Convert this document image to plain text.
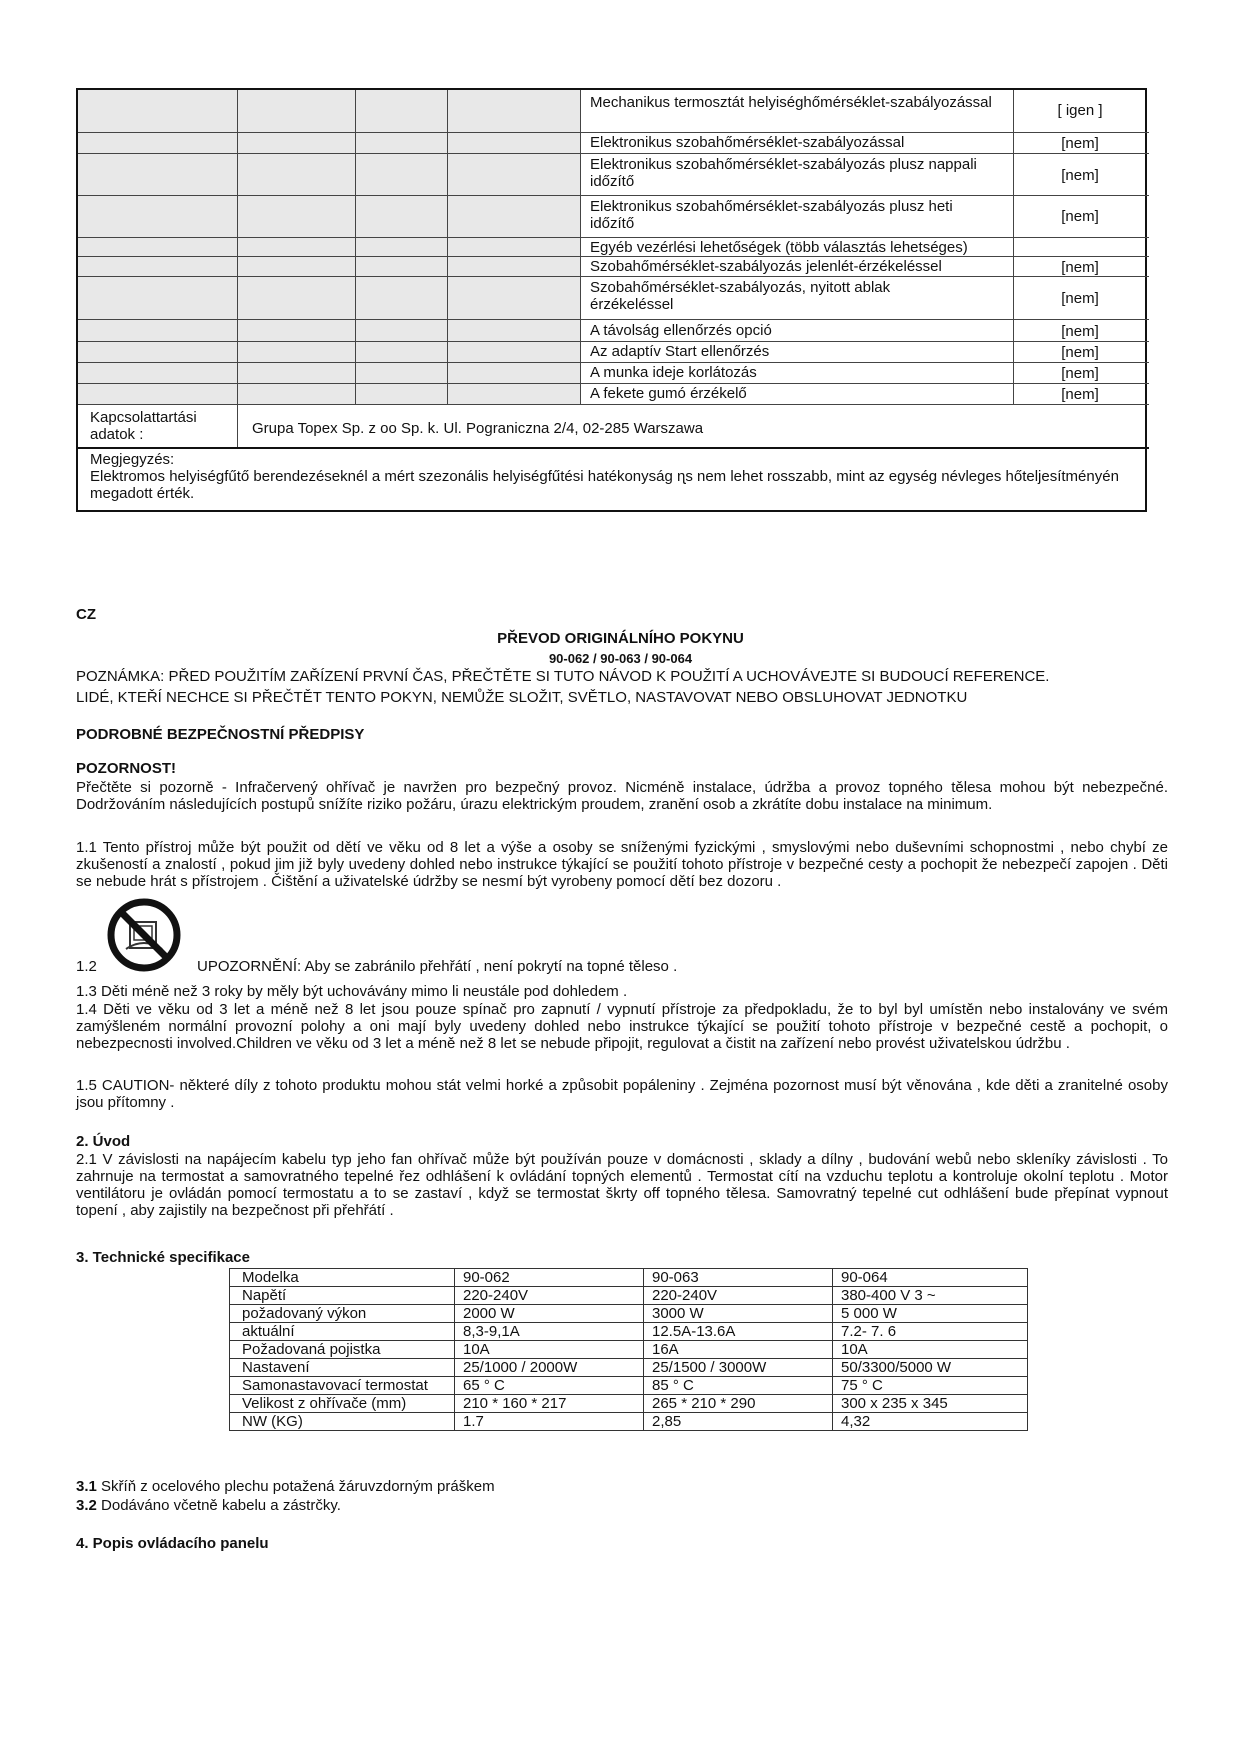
Mechanikus termosztát helyiséghőmérséklet-szabályozással	[ igen ]
Elektronikus szobahőmérséklet-szabályozással	[nem]
Elektronikus szobahőmérséklet-szabályozás plusz nappali időzítő	[nem]
Elektronikus szobahőmérséklet-szabályozás plusz heti időzítő	[nem]
Egyéb vezérlési lehetőségek (több választás lehetséges)
Szobahőmérséklet-szabályozás jelenlét-érzékeléssel	[nem]
Szobahőmérséklet-szabályozás, nyitott ablak érzékeléssel	[nem]
A távolság ellenőrzés opció	[nem]
Az adaptív Start ellenőrzés	[nem]
A munka ideje korlátozás	[nem]
A fekete gumó érzékelő	[nem]
Kapcsolattartási adatok :	Grupa Topex Sp. z oo Sp. k. Ul. Pograniczna 2/4, 02-285 Warszawa
Megjegyzés:
Elektromos helyiségfűtő berendezéseknél a mért szezonális helyiségfűtési hatékonyság ɳs nem lehet rosszabb, mint az egység névleges hőteljesítményén megadott érték.
CZ
PŘEVOD ORIGINÁLNÍHO POKYNU
90-062 / 90-063 / 90-064
POZNÁMKA: PŘED POUŽITÍM ZAŘÍZENÍ PRVNÍ ČAS, PŘEČTĚTE SI TUTO NÁVOD K POUŽITÍ A UCHOVÁVEJTE SI BUDOUCÍ REFERENCE.
LIDÉ, KTEŘÍ NECHCE SI PŘEČTĚT TENTO POKYN, NEMŮŽE SLOŽIT, SVĚTLO, NASTAVOVAT NEBO OBSLUHOVAT JEDNOTKU
PODROBNÉ BEZPEČNOSTNÍ PŘEDPISY
POZORNOST!
Přečtěte si pozorně - Infračervený ohřívač je navržen pro bezpečný provoz. Nicméně instalace, údržba a provoz topného tělesa mohou být nebezpečné. Dodržováním následujících postupů snížíte riziko požáru, úrazu elektrickým proudem, zranění osob a zkrátíte dobu instalace na minimum.
1.1 Tento přístroj může být použit od dětí ve věku od 8 let a výše a osoby se sníženými fyzickými , smyslovými nebo duševními schopnostmi , nebo chybí ze zkušeností a znalostí , pokud jim již byly uvedeny dohled nebo instrukce týkající se použití tohoto přístroje v bezpečné cesty a pochopit že nebezpečí zapojen . Děti se nebude hrát s přístrojem . Čištění a uživatelské údržby se nesmí být vyrobeny pomocí dětí bez dozoru .
1.2	UPOZORNĚNÍ: Aby se zabránilo přehřátí , není pokrytí na topné těleso .
1.3 Děti méně než 3 roky by měly být uchovávány mimo li neustále pod dohledem .
1.4 Děti ve věku od 3 let a méně než 8 let jsou pouze spínač pro zapnutí / vypnutí přístroje za předpokladu, že to byl byl umístěn nebo instalovány ve svém zamýšleném normální provozní polohy a oni mají byly uvedeny dohled nebo instrukce týkající se použití tohoto přístroje v bezpečné cestě a pochopit, o nebezpecnosti involved.Children ve věku od 3 let a méně než 8 let se nebude připojit, regulovat a čistit na zařízení nebo provést uživatelskou údržbu .
1.5 CAUTION- některé díly z tohoto produktu mohou stát velmi horké a způsobit popáleniny . Zejména pozornost musí být věnována , kde děti a zranitelné osoby jsou přítomny .
2. Úvod
2.1 V závislosti na napájecím kabelu typ jeho fan ohřívač může být používán pouze v domácnosti , sklady a dílny , budování webů nebo skleníky závislosti . To zahrnuje na termostat a samovratného tepelné řez odhlášení k ovládání topných elementů . Termostat cítí na vzduchu teplotu a kontroluje okolní teplotu . Motor ventilátoru je ovládán pomocí termostatu a to se zastaví , když se termostat škrty off topného tělesa. Samovratný tepelné cut odhlášení bude přepínat vypnout topení , aby zajistily na bezpečnost při přehřátí .
3. Technické specifikace
Modelka	90-062	90-063	90-064
Napětí	220-240V	220-240V	380-400 V 3 ~
požadovaný výkon	2000 W	3000 W	5 000 W
aktuální	8,3-9,1A	12.5A-13.6A	7.2- 7. 6
Požadovaná pojistka	10A	16A	10A
Nastavení	25/1000 / 2000W	25/1500 / 3000W	50/3300/5000 W
Samonastavovací termostat	65 ° C	85 ° C	75 ° C
Velikost z ohřívače (mm)	210 * 160 * 217	265 * 210 * 290	300 x 235 x 345
NW (KG)	1.7	2,85	4,32
3.1 Skříň z ocelového plechu potažená žáruvzdorným práškem
3.2 Dodáváno včetně kabelu a zástrčky.
4. Popis ovládacího panelu
